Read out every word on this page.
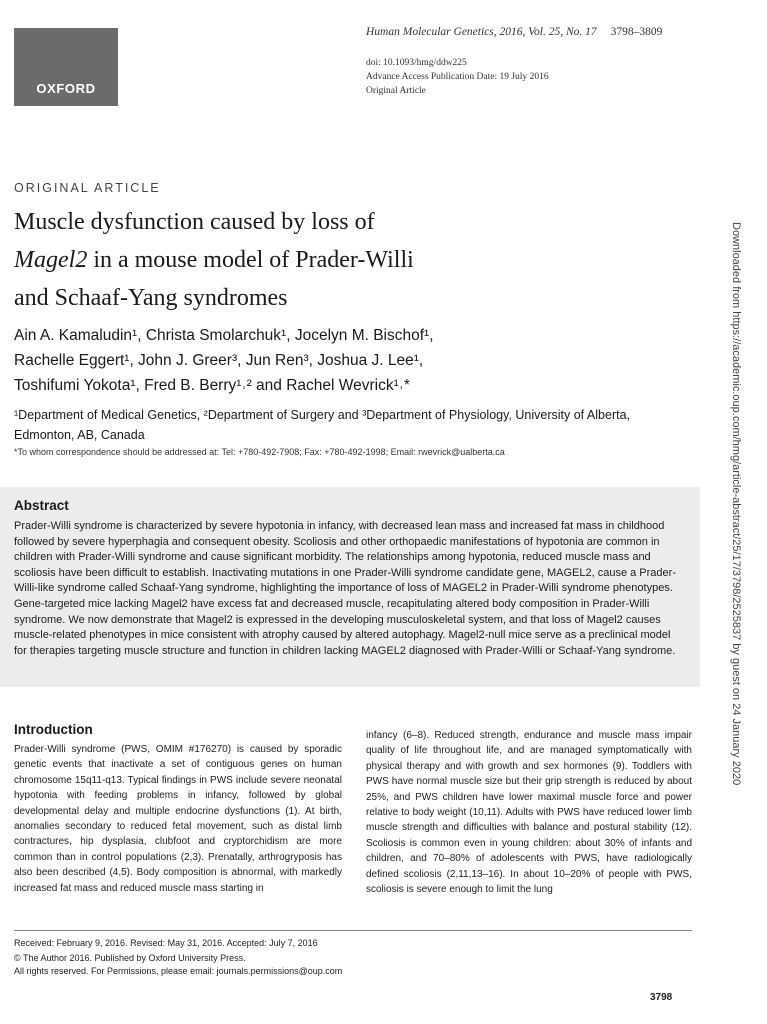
OXFORD
Human Molecular Genetics, 2016, Vol. 25, No. 17 3798–3809
doi: 10.1093/hmg/ddw225
Advance Access Publication Date: 19 July 2016
Original Article
ORIGINAL ARTICLE
Muscle dysfunction caused by loss of
Magel2 in a mouse model of Prader-Willi
and Schaaf-Yang syndromes
Ain A. Kamaludin¹, Christa Smolarchuk¹, Jocelyn M. Bischof¹,
Rachelle Eggert¹, John J. Greer³, Jun Ren³, Joshua J. Lee¹,
Toshifumi Yokota¹, Fred B. Berry¹˒² and Rachel Wevrick¹˒*
¹Department of Medical Genetics, ²Department of Surgery and ³Department of Physiology, University of Alberta, Edmonton, AB, Canada
*To whom correspondence should be addressed at: Tel: +780-492-7908; Fax: +780-492-1998; Email: rwevrick@ualberta.ca	Downloaded from https://academic.oup.com/hmg/article-abstract/25/17/3798/2525837 by guest on 24 January 2020
Abstract
Prader-Willi syndrome is characterized by severe hypotonia in infancy, with decreased lean mass and increased fat mass in childhood followed by severe hyperphagia and consequent obesity. Scoliosis and other orthopaedic manifestations of hypotonia are common in children with Prader-Willi syndrome and cause significant morbidity. The relationships among hypotonia, reduced muscle mass and scoliosis have been difficult to establish. Inactivating mutations in one Prader-Willi syndrome candidate gene, MAGEL2, cause a Prader-Willi-like syndrome called Schaaf-Yang syndrome, highlighting the importance of loss of MAGEL2 in Prader-Willi syndrome phenotypes. Gene-targeted mice lacking Magel2 have excess fat and decreased muscle, recapitulating altered body composition in Prader-Willi syndrome. We now demonstrate that Magel2 is expressed in the developing musculoskeletal system, and that loss of Magel2 causes muscle-related phenotypes in mice consistent with atrophy caused by altered autophagy. Magel2-null mice serve as a preclinical model for therapies targeting muscle structure and function in children lacking MAGEL2 diagnosed with Prader-Willi or Schaaf-Yang syndrome.
Introduction
Prader-Willi syndrome (PWS, OMIM #176270) is caused by sporadic genetic events that inactivate a set of contiguous genes on human chromosome 15q11-q13. Typical findings in PWS include severe neonatal hypotonia with feeding problems in infancy, followed by global developmental delay and multiple endocrine dysfunctions (1). At birth, anomalies secondary to reduced fetal movement, such as distal limb contractures, hip dysplasia, clubfoot and cryptorchidism are more common than in control populations (2,3). Prenatally, arthrogryposis has also been described (4,5). Body composition is abnormal, with markedly increased fat mass and reduced muscle mass starting in
infancy (6–8). Reduced strength, endurance and muscle mass impair quality of life throughout life, and are managed symptomatically with physical therapy and with growth and sex hormones (9). Toddlers with PWS have normal muscle size but their grip strength is reduced by about 25%, and PWS children have lower maximal muscle force and power relative to body weight (10,11). Adults with PWS have reduced lower limb muscle strength and difficulties with balance and postural stability (12). Scoliosis is common even in young children: about 30% of infants and children, and 70–80% of adolescents with PWS, have radiologically defined scoliosis (2,11,13–16). In about 10–20% of people with PWS, scoliosis is severe enough to limit the lung
Received: February 9, 2016. Revised: May 31, 2016. Accepted: July 7, 2016
© The Author 2016. Published by Oxford University Press.
All rights reserved. For Permissions, please email: journals.permissions@oup.com
3798
